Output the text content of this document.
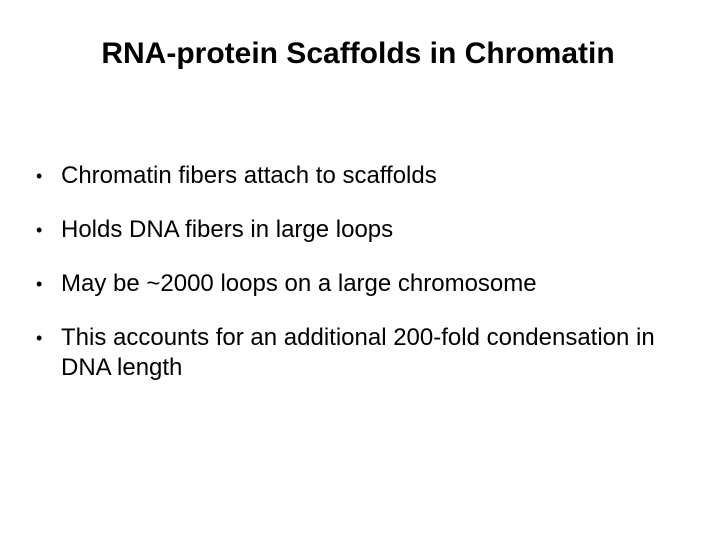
RNA-protein Scaffolds in Chromatin
• Chromatin fibers attach to scaffolds
• Holds DNA fibers in large loops
• May be ~2000 loops on a large chromosome
• This accounts for an additional 200-fold condensation in DNA length
